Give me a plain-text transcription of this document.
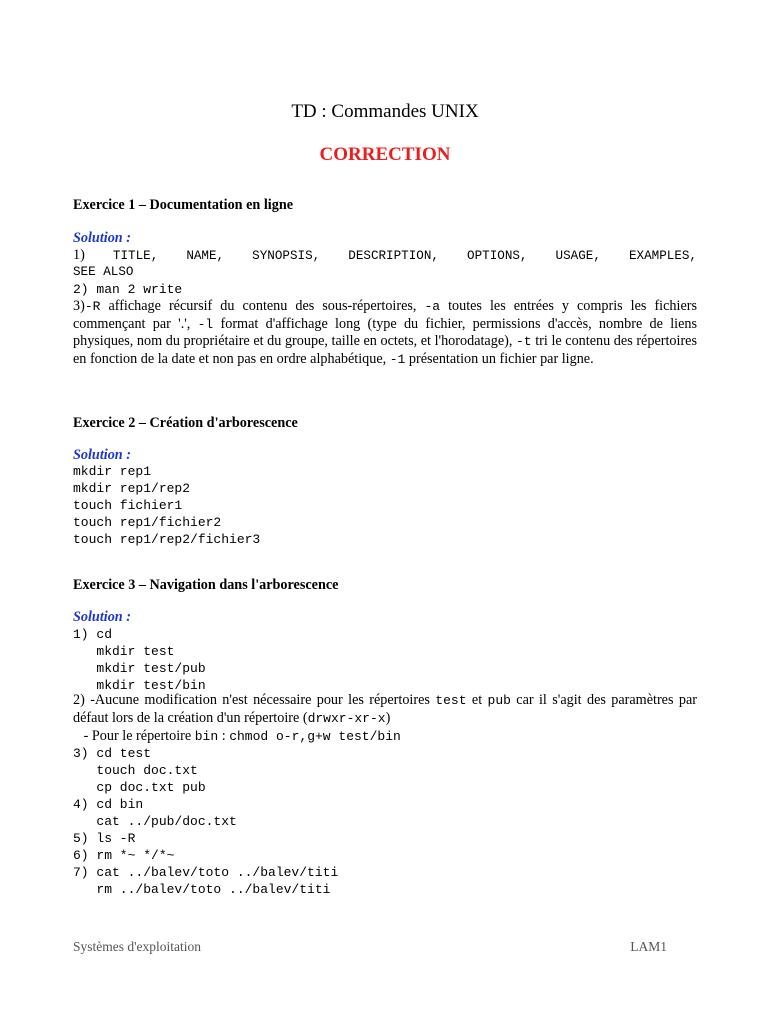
TD : Commandes UNIX
CORRECTION
Exercice 1 – Documentation en ligne
Solution :
1) TITLE, NAME, SYNOPSIS, DESCRIPTION, OPTIONS, USAGE, EXAMPLES,
SEE ALSO
2) man 2 write
3)-R affichage récursif du contenu des sous-répertoires, -a toutes les entrées y compris les fichiers commençant par '.', -l format d'affichage long (type du fichier, permissions d'accès, nombre de liens physiques, nom du propriétaire et du groupe, taille en octets, et l'horodatage), -t tri le contenu des répertoires en fonction de la date et non pas en ordre alphabétique, -1 présentation un fichier par ligne.
Exercice 2 – Création d'arborescence
Solution :
mkdir rep1
mkdir rep1/rep2
touch fichier1
touch rep1/fichier2
touch rep1/rep2/fichier3
Exercice 3 – Navigation dans l'arborescence
Solution :
1) cd
mkdir test
mkdir test/pub
mkdir test/bin
2) -Aucune modification n'est nécessaire pour les répertoires test et pub car il s'agit des paramètres par défaut lors de la création d'un répertoire (drwxr-xr-x)
- Pour le répertoire bin : chmod o-r,g+w test/bin
3) cd test
touch doc.txt
cp doc.txt pub
4) cd bin
cat ../pub/doc.txt
5) ls -R
6) rm *~ */*~
7) cat ../balev/toto ../balev/titi
rm ../balev/toto ../balev/titi
Systèmes d'exploitation	LAM1
